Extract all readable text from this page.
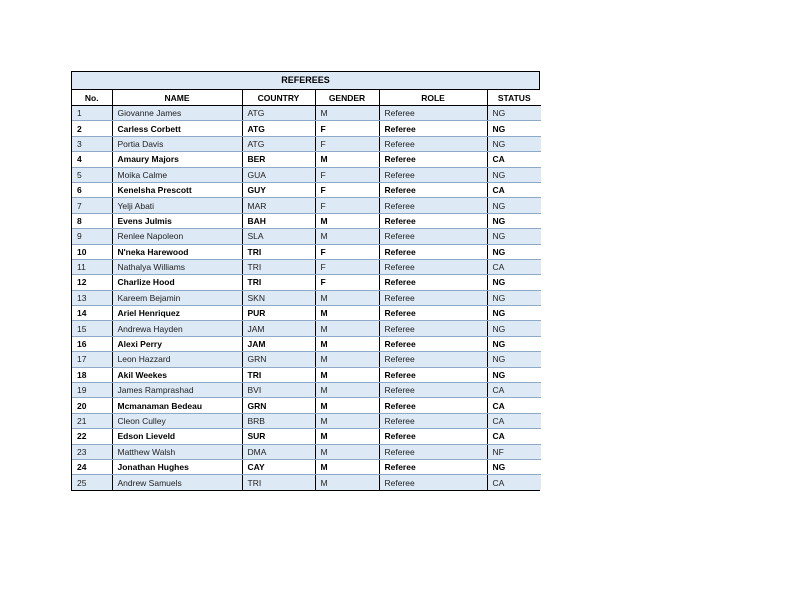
REFEREES
No.	NAME	COUNTRY	GENDER	ROLE	STATUS
1	Giovanne James	ATG	M	Referee	NG
2	Carless Corbett	ATG	F	Referee	NG
3	Portia Davis	ATG	F	Referee	NG
4	Amaury Majors	BER	M	Referee	CA
5	Moika Calme	GUA	F	Referee	NG
6	Kenelsha Prescott	GUY	F	Referee	CA
7	Yelji Abati	MAR	F	Referee	NG
8	Evens Julmis	BAH	M	Referee	NG
9	Renlee Napoleon	SLA	M	Referee	NG
10	N'neka Harewood	TRI	F	Referee	NG
11	Nathalya Williams	TRI	F	Referee	CA
12	Charlize Hood	TRI	F	Referee	NG
13	Kareem Bejamin	SKN	M	Referee	NG
14	Ariel Henriquez	PUR	M	Referee	NG
15	Andrewa Hayden	JAM	M	Referee	NG
16	Alexi Perry	JAM	M	Referee	NG
17	Leon Hazzard	GRN	M	Referee	NG
18	Akil Weekes	TRI	M	Referee	NG
19	James Ramprashad	BVI	M	Referee	CA
20	Mcmanaman Bedeau	GRN	M	Referee	CA
21	Cleon Culley	BRB	M	Referee	CA
22	Edson Lieveld	SUR	M	Referee	CA
23	Matthew Walsh	DMA	M	Referee	NF
24	Jonathan Hughes	CAY	M	Referee	NG
25	Andrew Samuels	TRI	M	Referee	CA
